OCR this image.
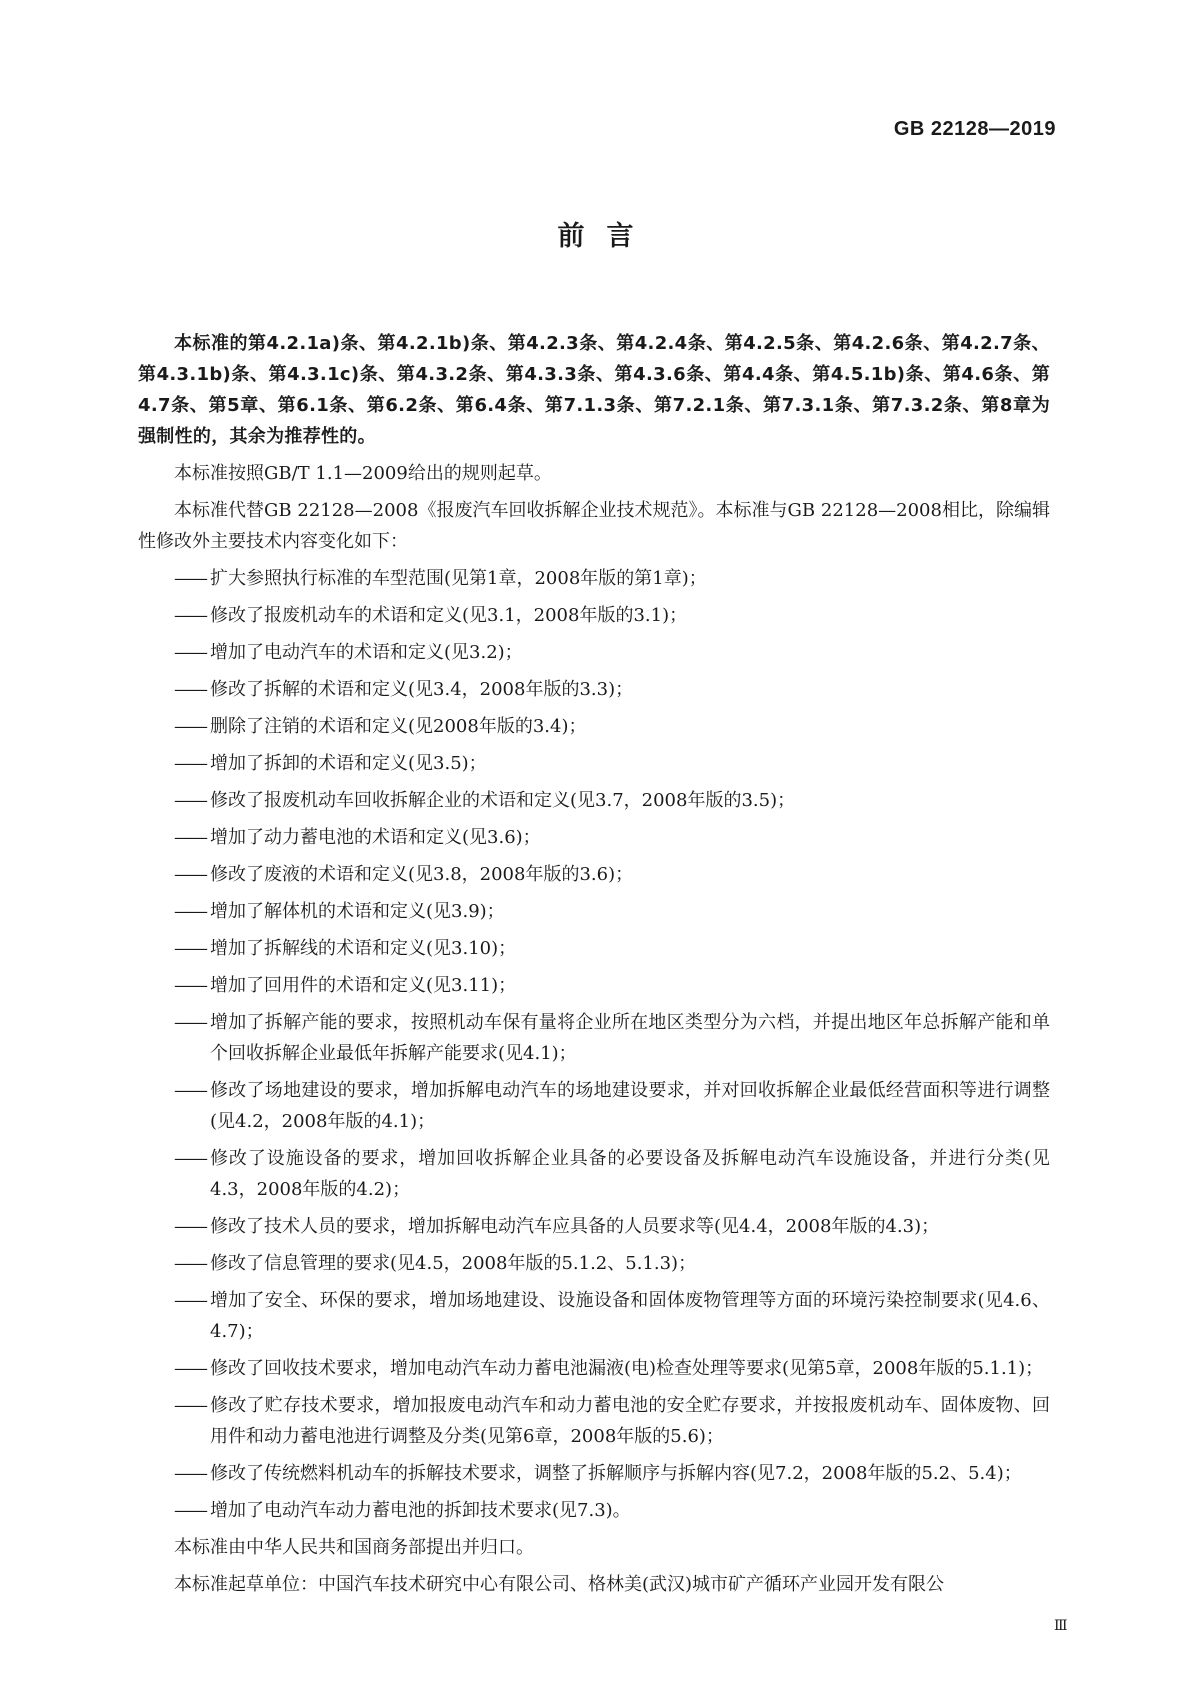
GB 22128—2019
前言

本标准的第4.2.1a)条、第4.2.1b)条、第4.2.3条、第4.2.4条、第4.2.5条、第4.2.6条、第4.2.7条、第4.3.1b)条、第4.3.1c)条、第4.3.2条、第4.3.3条、第4.3.6条、第4.4条、第4.5.1b)条、第4.6条、第4.7条、第5章、第6.1条、第6.2条、第6.4条、第7.1.3条、第7.2.1条、第7.3.1条、第7.3.2条、第8章为强制性的，其余为推荐性的。

本标准按照GB/T 1.1—2009给出的规则起草。

本标准代替GB 22128—2008《报废汽车回收拆解企业技术规范》。本标准与GB 22128—2008相比，除编辑性修改外主要技术内容变化如下：

—— 扩大参照执行标准的车型范围(见第1章，2008年版的第1章)；
—— 修改了报废机动车的术语和定义(见3.1，2008年版的3.1)；
—— 增加了电动汽车的术语和定义(见3.2)；
—— 修改了拆解的术语和定义(见3.4，2008年版的3.3)；
—— 删除了注销的术语和定义(见2008年版的3.4)；
—— 增加了拆卸的术语和定义(见3.5)；
—— 修改了报废机动车回收拆解企业的术语和定义(见3.7，2008年版的3.5)；
—— 增加了动力蓄电池的术语和定义(见3.6)；
—— 修改了废液的术语和定义(见3.8，2008年版的3.6)；
—— 增加了解体机的术语和定义(见3.9)；
—— 增加了拆解线的术语和定义(见3.10)；
—— 增加了回用件的术语和定义(见3.11)；
—— 增加了拆解产能的要求，按照机动车保有量将企业所在地区类型分为六档，并提出地区年总拆解产能和单个回收拆解企业最低年拆解产能要求(见4.1)；
—— 修改了场地建设的要求，增加拆解电动汽车的场地建设要求，并对回收拆解企业最低经营面积等进行调整(见4.2，2008年版的4.1)；
—— 修改了设施设备的要求，增加回收拆解企业具备的必要设备及拆解电动汽车设施设备，并进行分类(见4.3，2008年版的4.2)；
—— 修改了技术人员的要求，增加拆解电动汽车应具备的人员要求等(见4.4，2008年版的4.3)；
—— 修改了信息管理的要求(见4.5，2008年版的5.1.2、5.1.3)；
—— 增加了安全、环保的要求，增加场地建设、设施设备和固体废物管理等方面的环境污染控制要求(见4.6、4.7)；
—— 修改了回收技术要求，增加电动汽车动力蓄电池漏液(电)检查处理等要求(见第5章，2008年版的5.1.1)；
—— 修改了贮存技术要求，增加报废电动汽车和动力蓄电池的安全贮存要求，并按报废机动车、固体废物、回用件和动力蓄电池进行调整及分类(见第6章，2008年版的5.6)；
—— 修改了传统燃料机动车的拆解技术要求，调整了拆解顺序与拆解内容(见7.2，2008年版的5.2、5.4)；
—— 增加了电动汽车动力蓄电池的拆卸技术要求(见7.3)。

本标准由中华人民共和国商务部提出并归口。

本标准起草单位：中国汽车技术研究中心有限公司、格林美(武汉)城市矿产循环产业园开发有限公

Ⅲ
